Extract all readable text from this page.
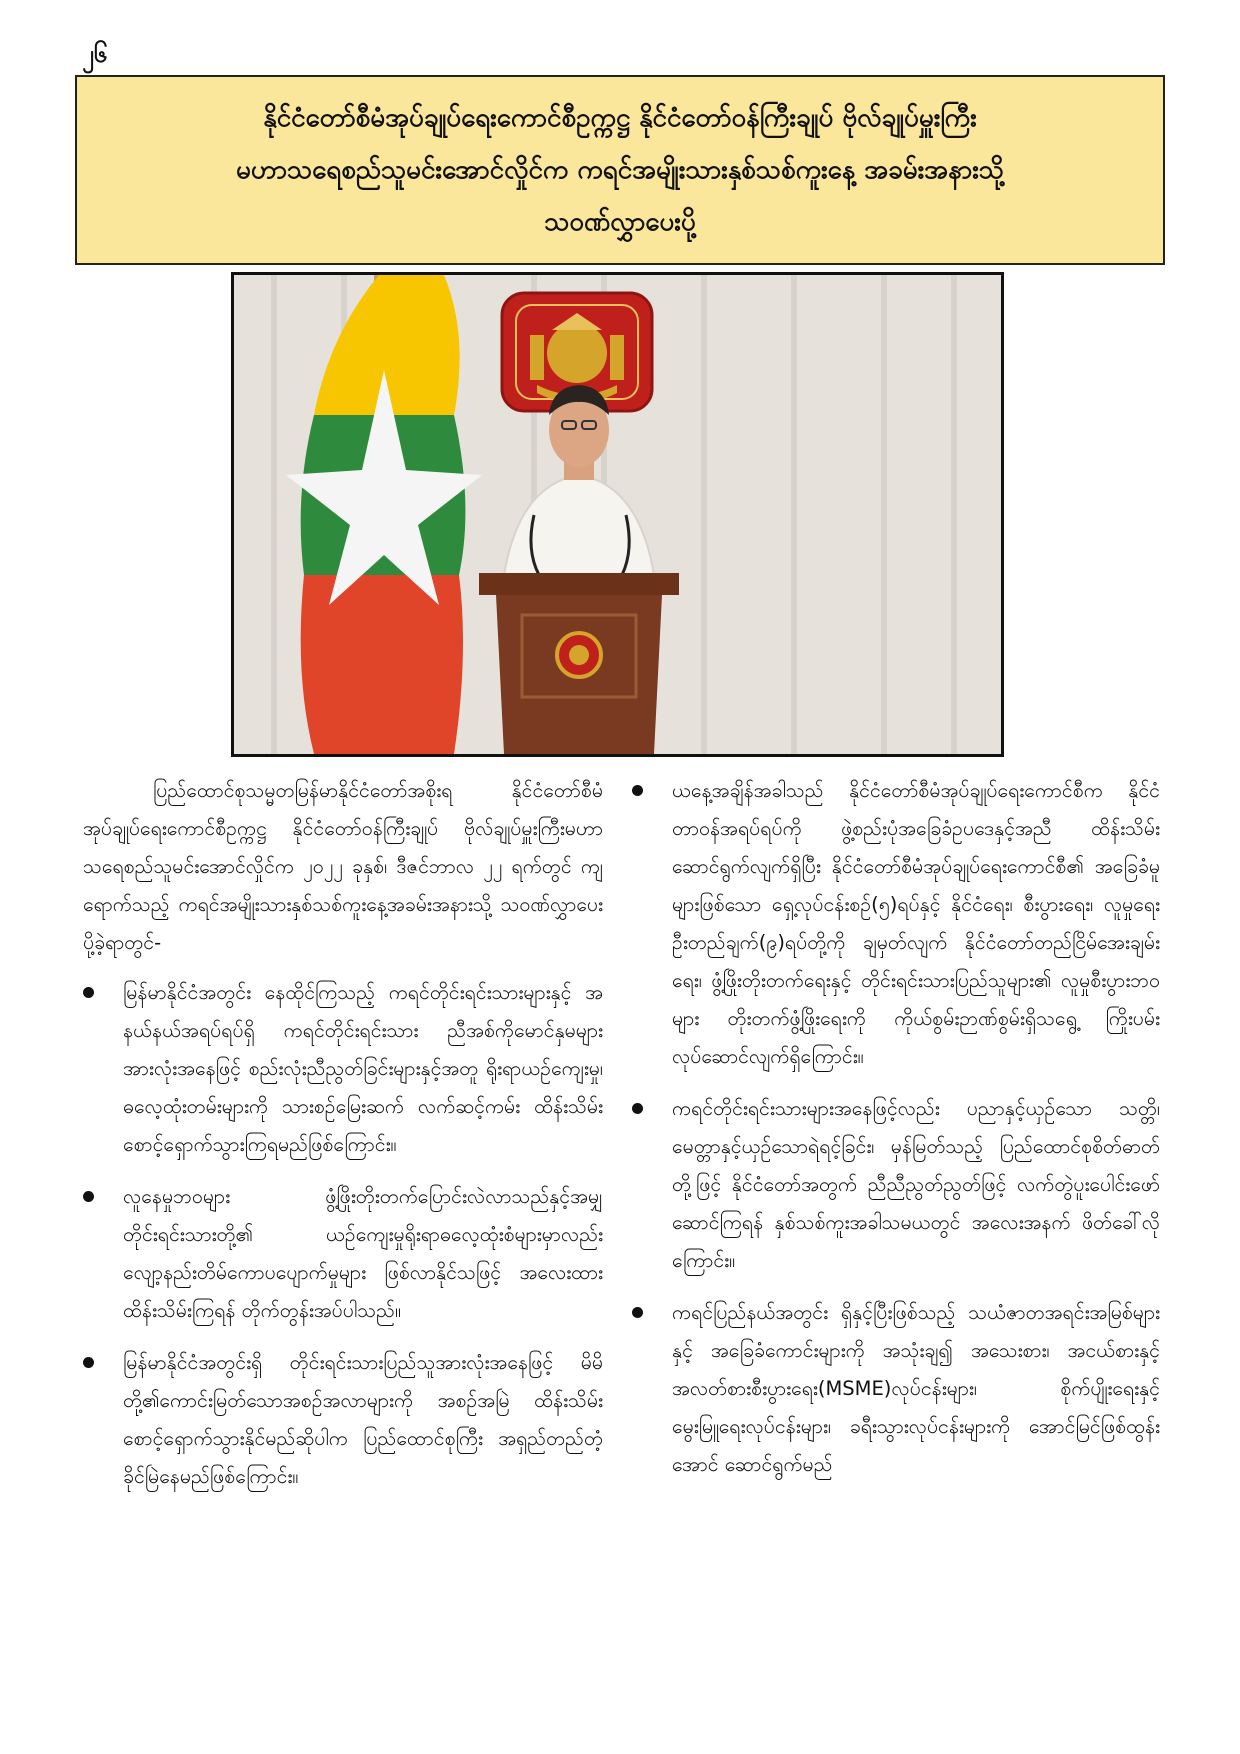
၂၆
နိုင်ငံတော်စီမံအုပ်ချုပ်ရေးကောင်စီဥက္ကဋ္ဌ နိုင်ငံတော်ဝန်ကြီးချုပ် ဗိုလ်ချုပ်မှူးကြီး
မဟာသရေစည်သူမင်းအောင်လှိုင်က ကရင်အမျိုးသားနှစ်သစ်ကူးနေ့ အခမ်းအနားသို့
သဝဏ်လွှာပေးပို့

ပြည်ထောင်စုသမ္မတမြန်မာနိုင်ငံတော်အစိုးရ နိုင်ငံတော်စီမံအုပ်ချုပ်ရေးကောင်စီဥက္ကဋ္ဌ နိုင်ငံတော်ဝန်ကြီးချုပ် ဗိုလ်ချုပ်မှူးကြီးမဟာသရေစည်သူမင်းအောင်လှိုင်က ၂၀၂၂ ခုနှစ်၊ ဒီဇင်ဘာလ ၂၂ ရက်တွင် ကျရောက်သည့် ကရင်အမျိုးသားနှစ်သစ်ကူးနေ့အခမ်းအနားသို့ သဝဏ်လွှာပေးပို့ခဲ့ရာတွင်-

မြန်မာနိုင်ငံအတွင်း နေထိုင်ကြသည့် ကရင်တိုင်းရင်းသားများနှင့် အနယ်နယ်အရပ်ရပ်ရှိ ကရင်တိုင်းရင်းသား ညီအစ်ကိုမောင်နှမများအားလုံးအနေဖြင့် စည်းလုံးညီညွတ်ခြင်းများနှင့်အတူ ရိုးရာယဉ်ကျေးမှု၊ ဓလေ့ထုံးတမ်းများကို သားစဉ်မြေးဆက် လက်ဆင့်ကမ်း ထိန်းသိမ်းစောင့်ရှောက်သွားကြရမည်ဖြစ်ကြောင်း။
လူနေမှုဘဝများ ဖွံ့ဖြိုးတိုးတက်ပြောင်းလဲလာသည်နှင့်အမျှ တိုင်းရင်းသားတို့၏ ယဉ်ကျေးမှုရိုးရာဓလေ့ထုံးစံများမှာလည်း လျော့နည်းတိမ်ကောပပျောက်မှုများ ဖြစ်လာနိုင်သဖြင့် အလေးထားထိန်းသိမ်းကြရန် တိုက်တွန်းအပ်ပါသည်။
မြန်မာနိုင်ငံအတွင်းရှိ တိုင်းရင်းသားပြည်သူအားလုံးအနေဖြင့် မိမိတို့၏ကောင်းမြတ်သောအစဉ်အလာများကို အစဉ်အမြဲ ထိန်းသိမ်းစောင့်ရှောက်သွားနိုင်မည်ဆိုပါက ပြည်ထောင်စုကြီး အရှည်တည်တံ့ခိုင်မြဲနေမည်ဖြစ်ကြောင်း။
ယနေ့အချိန်အခါသည် နိုင်ငံတော်စီမံအုပ်ချုပ်ရေးကောင်စီက နိုင်ငံတာဝန်အရပ်ရပ်ကို ဖွဲ့စည်းပုံအခြေခံဥပဒေနှင့်အညီ ထိန်းသိမ်းဆောင်ရွက်လျက်ရှိပြီး နိုင်ငံတော်စီမံအုပ်ချုပ်ရေးကောင်စီ၏ အခြေခံမူများဖြစ်သော ရှေ့လုပ်ငန်းစဉ်(၅)ရပ်နှင့် နိုင်ငံရေး၊ စီးပွားရေး၊ လူမှုရေးဦးတည်ချက်(၉)ရပ်တို့ကို ချမှတ်လျက် နိုင်ငံတော်တည်ငြိမ်အေးချမ်းရေး၊ ဖွံ့ဖြိုးတိုးတက်ရေးနှင့် တိုင်းရင်းသားပြည်သူများ၏ လူမှုစီးပွားဘဝများ တိုးတက်ဖွံ့ဖြိုးရေးကို ကိုယ်စွမ်းဉာဏ်စွမ်းရှိသရွေ့ ကြိုးပမ်းလုပ်ဆောင်လျက်ရှိကြောင်း။
ကရင်တိုင်းရင်းသားများအနေဖြင့်လည်း ပညာနှင့်ယှဉ်သော သတ္တိ၊ မေတ္တာနှင့်ယှဉ်သောရဲရင့်ခြင်း၊ မှန်မြတ်သည့် ပြည်ထောင်စုစိတ်ဓာတ်တို့ဖြင့် နိုင်ငံတော်အတွက် ညီညီညွတ်ညွတ်ဖြင့် လက်တွဲပူးပေါင်းဖော်ဆောင်ကြရန် နှစ်သစ်ကူးအခါသမယတွင် အလေးအနက် ဖိတ်ခေါ်လိုကြောင်း။
ကရင်ပြည်နယ်အတွင်း ရှိနှင့်ပြီးဖြစ်သည့် သယံဇာတအရင်းအမြစ်များနှင့် အခြေခံကောင်းများကို အသုံးချ၍ အသေးစား၊ အငယ်စားနှင့် အလတ်စားစီးပွားရေး(MSME)လုပ်ငန်းများ၊ စိုက်ပျိုးရေးနှင့် မွေးမြူရေးလုပ်ငန်းများ၊ ခရီးသွားလုပ်ငန်းများကို အောင်မြင်ဖြစ်ထွန်းအောင် ဆောင်ရွက်မည်
